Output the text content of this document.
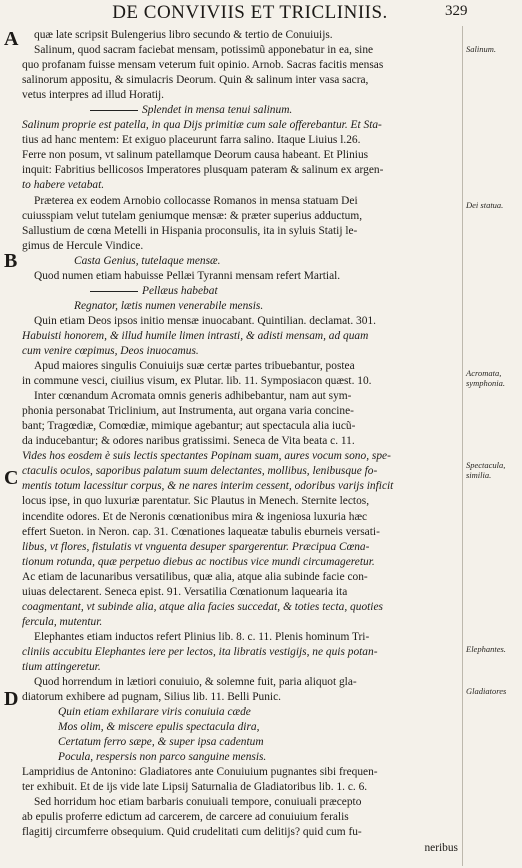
DE CONVIVIIS ET TRICLINIIS.	329
A
B
C
D
Salinum.
Dei statua.
Acromata, symphonia.
Spectacula, similia.
Elephantes.
Gladiatores
quæ late scripsit Bulengerius libro secundo & tertio de Conuiuijs.
Salinum, quod sacram faciebat mensam, potissimũ apponebatur in ea, sine
quo profanam fuisse mensam veterum fuit opinio. Arnob. Sacras facitis mensas
salinorum appositu, & simulacris Deorum. Quin & salinum inter vasa sacra,
vetus interpres ad illud Horatij.
Splendet in mensa tenui salinum.
Salinum proprie est patella, in qua Dijs primitiæ cum sale offerebantur. Et Sta-
tius ad hanc mentem: Et exiguo placeurunt farra salino. Itaque Liuius l.26.
Ferre non posum, vt salinum patellamque Deorum causa habeant. Et Plinius
inquit: Fabritius bellicosos Imperatores plusquam pateram & salinum ex argen-
to habere vetabat.
Præterea ex eodem Arnobio collocasse Romanos in mensa statuam Dei
cuiusspiam velut tutelam geniumque mensæ: & præter superius adductum,
Sallustium de cœna Metelli in Hispania proconsulis, ita in syluis Statij le-
gimus de Hercule Vindice.
Casta Genius, tutelaque mensæ.
Quod numen etiam habuisse Pellæi Tyranni mensam refert Martial.
Pellæus habebat
Regnator, lætis numen venerabile mensis.
Quin etiam Deos ipsos initio mensæ inuocabant. Quintilian. declamat. 301.
Habuisti honorem, & illud humile limen intrasti, & adisti mensam, ad quam
cum venire cœpimus, Deos inuocamus.
Apud maiores singulis Conuiuijs suæ certæ partes tribuebantur, postea
in commune vesci, ciuilius visum, ex Plutar. lib. 11. Symposiacon quæst. 10.
Inter cœnandum Acromata omnis generis adhibebantur, nam aut sym-
phonia personabat Triclinium, aut Instrumenta, aut organa varia concine-
bant; Tragœdiæ, Comœdiæ, mimique agebantur; aut spectacula alia iucũ-
da inducebantur; & odores naribus gratissimi. Seneca de Vita beata c. 11.
Vides hos eosdem è suis lectis spectantes Popinam suam, aures vocum sono, spe-
ctaculis oculos, saporibus palatum suum delectantes, mollibus, lenibusque fo-
mentis totum lacessitur corpus, & ne nares interim cessent, odoribus varijs inficit
locus ipse, in quo luxuriæ parentatur. Sic Plautus in Menech. Sternite lectos,
incendite odores. Et de Neronis cœnationibus mira & ingeniosa luxuria hæc
effert Sueton. in Neron. cap. 31. Cœnationes laqueatæ tabulis eburneis versati-
libus, vt flores, fistulatis vt vnguenta desuper spargerentur. Præcipua Cœna-
tionum rotunda, quæ perpetuo diebus ac noctibus vice mundi circumageretur.
Ac etiam de lacunaribus versatilibus, quæ alia, atque alia subinde facie con-
uiuas delectarent. Seneca epist. 91. Versatilia Cœnationum laquearia ita
coagmentant, vt subinde alia, atque alia facies succedat, & toties tecta, quoties
fercula, mutentur.
Elephantes etiam inductos refert Plinius lib. 8. c. 11. Plenis hominum Tri-
cliniis accubitu Elephantes iere per lectos, ita libratis vestigijs, ne quis potan-
tium attingeretur.
Quod horrendum in lætiori conuiuio, & solemne fuit, paria aliquot gla-
diatorum exhibere ad pugnam, Silius lib. 11. Belli Punic.
Quin etiam exhilarare viris conuiuia cæde
Mos olim, & miscere epulis spectacula dira,
Certatum ferro sæpe, & super ipsa cadentum
Pocula, respersis non parco sanguine mensis.
Lampridius de Antonino: Gladiatores ante Conuiuium pugnantes sibi frequen-
ter exhibuit. Et de ijs vide late Lipsij Saturnalia de Gladiatoribus lib. 1. c. 6.
Sed horridum hoc etiam barbaris conuiuali tempore, conuiuali præcepto
ab epulis proferre edictum ad carcerem, de carcere ad conuiuium feralis
flagitij circumferre obsequium. Quid crudelitati cum delitijs? quid cum fu-
neribus
